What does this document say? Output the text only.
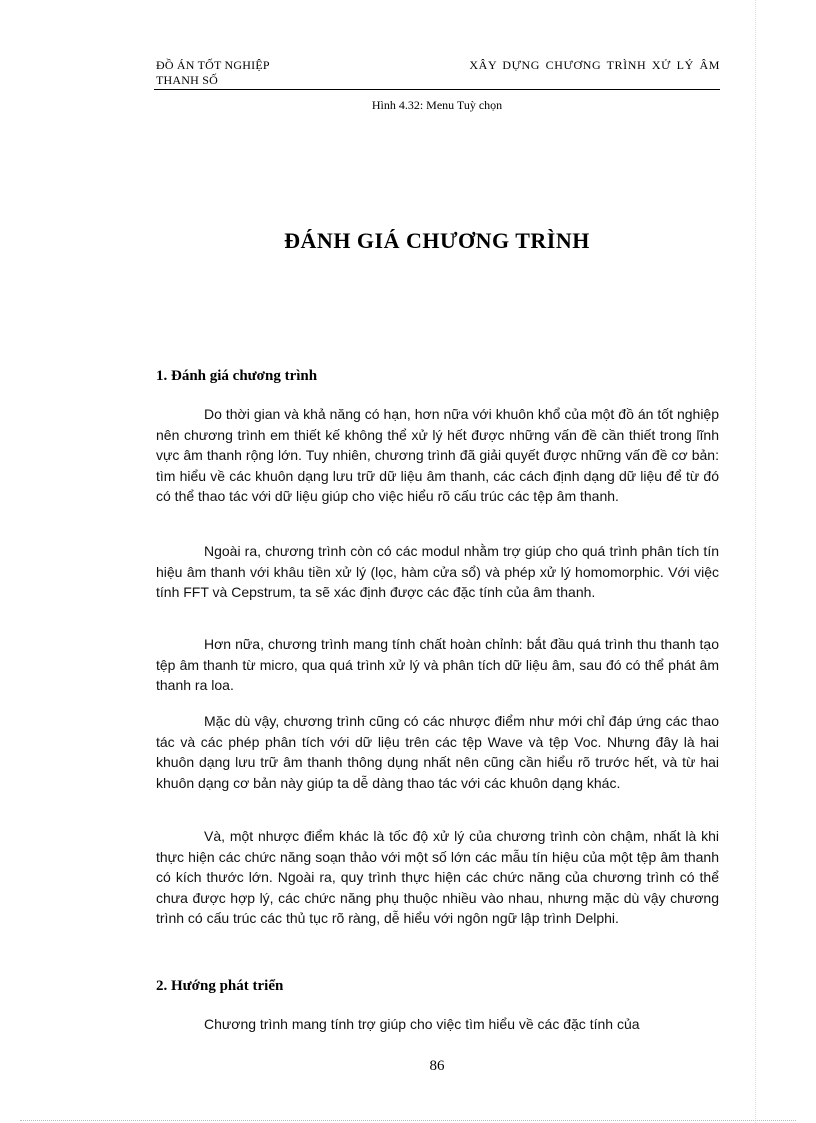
ĐỒ ÁN TỐT NGHIỆP
THANH SỐ
XÂY DỰNG CHƯƠNG TRÌNH XỬ LÝ ÂM
Hình 4.32: Menu Tuỳ chọn
ĐÁNH GIÁ CHƯƠNG TRÌNH
1. Đánh giá chương trình

Do thời gian và khả năng có hạn, hơn nữa với khuôn khổ của một đồ án tốt nghiệp nên chương trình em thiết kế không thể xử lý hết được những vấn đề cần thiết trong lĩnh vực âm thanh rộng lớn. Tuy nhiên, chương trình đã giải quyết được những vấn đề cơ bản: tìm hiểu về các khuôn dạng lưu trữ dữ liệu âm thanh, các cách định dạng dữ liệu để từ đó có thể thao tác với dữ liệu giúp cho việc hiểu rõ cấu trúc các tệp âm thanh.

Ngoài ra, chương trình còn có các modul nhằm trợ giúp cho quá trình phân tích tín hiệu âm thanh với khâu tiền xử lý (lọc, hàm cửa sổ) và phép xử lý homomorphic. Với việc tính FFT và Cepstrum, ta sẽ xác định được các đặc tính của âm thanh.

Hơn nữa, chương trình mang tính chất hoàn chỉnh: bắt đầu quá trình thu thanh tạo tệp âm thanh từ micro, qua quá trình xử lý và phân tích dữ liệu âm, sau đó có thể phát âm thanh ra loa.

Mặc dù vậy, chương trình cũng có các nhược điểm như mới chỉ đáp ứng các thao tác và các phép phân tích với dữ liệu trên các tệp Wave và tệp Voc. Nhưng đây là hai khuôn dạng lưu trữ âm thanh thông dụng nhất nên cũng cần hiểu rõ trước hết, và từ hai khuôn dạng cơ bản này giúp ta dễ dàng thao tác với các khuôn dạng khác.

Và, một nhược điểm khác là tốc độ xử lý của chương trình còn chậm, nhất là khi thực hiện các chức năng soạn thảo với một số lớn các mẫu tín hiệu của một tệp âm thanh có kích thước lớn. Ngoài ra, quy trình thực hiện các chức năng của chương trình có thể chưa được hợp lý, các chức năng phụ thuộc nhiều vào nhau, nhưng mặc dù vậy chương trình có cấu trúc các thủ tục rõ ràng, dễ hiểu với ngôn ngữ lập trình Delphi.

2. Hướng phát triển

Chương trình mang tính trợ giúp cho việc tìm hiểu về các đặc tính của

86
